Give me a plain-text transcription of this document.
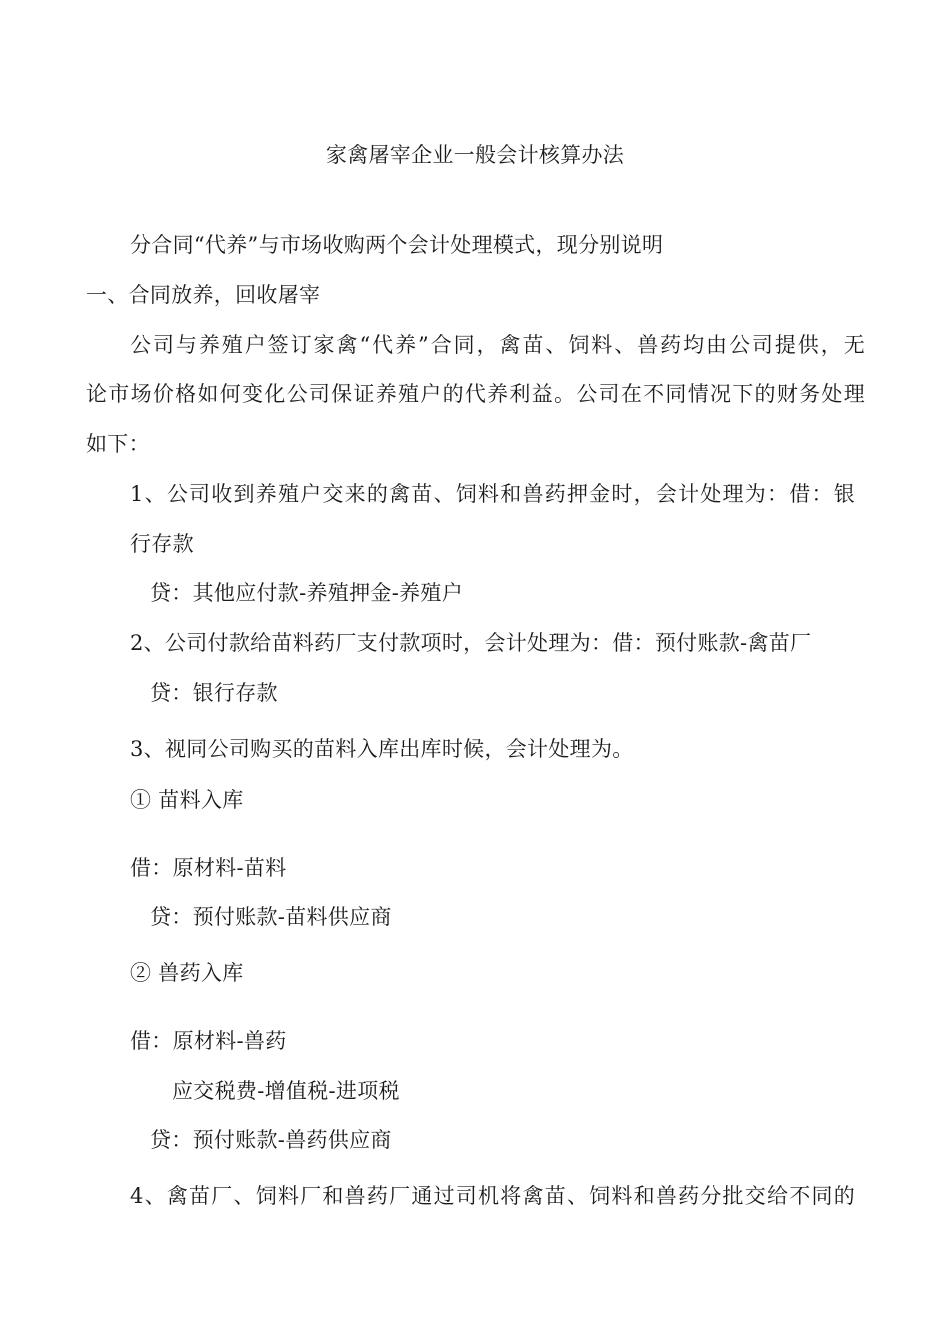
家禽屠宰企业一般会计核算办法
分合同“代养”与市场收购两个会计处理模式，现分别说明
一、合同放养，回收屠宰
公司与养殖户签订家禽“代养”合同，禽苗、饲料、兽药均由公司提供，无
论市场价格如何变化公司保证养殖户的代养利益。公司在不同情况下的财务处理
如下：
1、公司收到养殖户交来的禽苗、饲料和兽药押金时，会计处理为：借：银
行存款
贷：其他应付款-养殖押金-养殖户
2、公司付款给苗料药厂支付款项时，会计处理为：借：预付账款-禽苗厂
贷：银行存款
3、视同公司购买的苗料入库出库时候，会计处理为。
① 苗料入库
借：原材料-苗料
贷：预付账款-苗料供应商
② 兽药入库
借：原材料-兽药
应交税费-增值税-进项税
贷：预付账款-兽药供应商
4、禽苗厂、饲料厂和兽药厂通过司机将禽苗、饲料和兽药分批交给不同的
